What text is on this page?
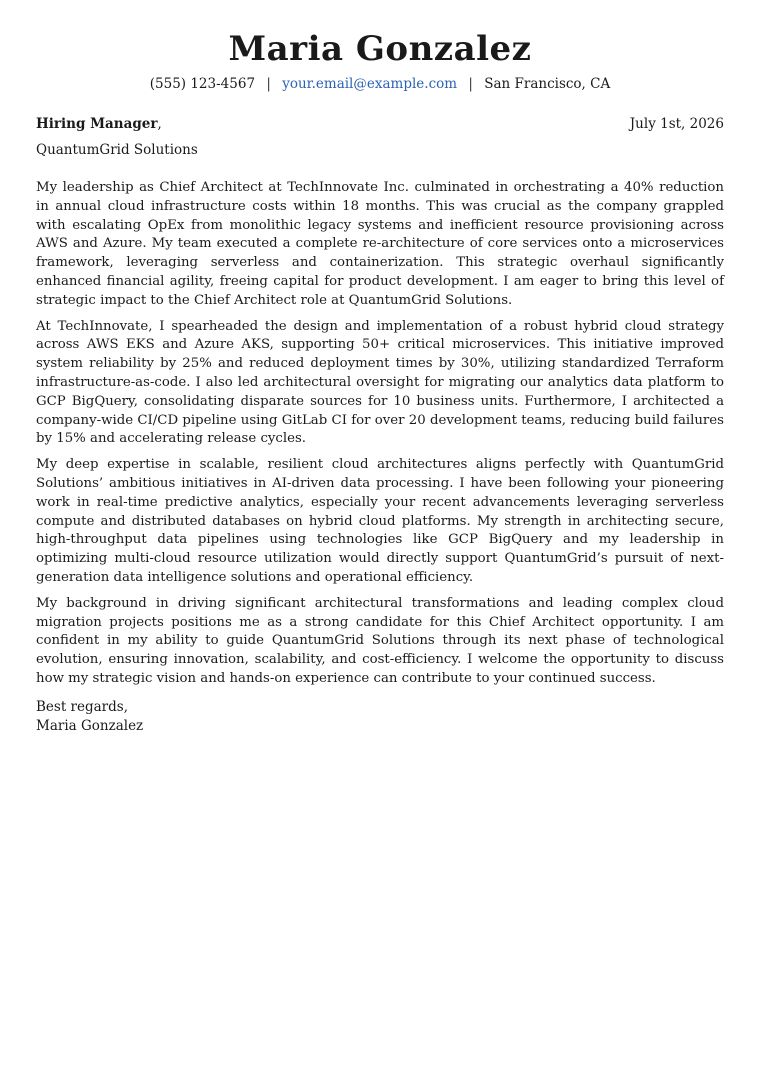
Maria Gonzalez
(555) 123-4567 | your.email@example.com | San Francisco, CA
Hiring Manager,	July 1st, 2026
QuantumGrid Solutions

My leadership as Chief Architect at TechInnovate Inc. culminated in orchestrating a 40% reduction in annual cloud infrastructure costs within 18 months. This was crucial as the company grappled with escalating OpEx from monolithic legacy systems and inefficient resource provisioning across AWS and Azure. My team executed a complete re-architecture of core services onto a microservices framework, leveraging serverless and containerization. This strategic overhaul significantly enhanced financial agility, freeing capital for product development. I am eager to bring this level of strategic impact to the Chief Architect role at QuantumGrid Solutions.

At TechInnovate, I spearheaded the design and implementation of a robust hybrid cloud strategy across AWS EKS and Azure AKS, supporting 50+ critical microservices. This initiative improved system reliability by 25% and reduced deployment times by 30%, utilizing standardized Terraform infrastructure-as-code. I also led architectural oversight for migrating our analytics data platform to GCP BigQuery, consolidating disparate sources for 10 business units. Furthermore, I architected a company-wide CI/CD pipeline using GitLab CI for over 20 development teams, reducing build failures by 15% and accelerating release cycles.

My deep expertise in scalable, resilient cloud architectures aligns perfectly with QuantumGrid Solutions’ ambitious initiatives in AI-driven data processing. I have been following your pioneering work in real-time predictive analytics, especially your recent advancements leveraging serverless compute and distributed databases on hybrid cloud platforms. My strength in architecting secure, high-throughput data pipelines using technologies like GCP BigQuery and my leadership in optimizing multi-cloud resource utilization would directly support QuantumGrid’s pursuit of next-generation data intelligence solutions and operational efficiency.

My background in driving significant architectural transformations and leading complex cloud migration projects positions me as a strong candidate for this Chief Architect opportunity. I am confident in my ability to guide QuantumGrid Solutions through its next phase of technological evolution, ensuring innovation, scalability, and cost-efficiency. I welcome the opportunity to discuss how my strategic vision and hands-on experience can contribute to your continued success.

Best regards,
Maria Gonzalez
